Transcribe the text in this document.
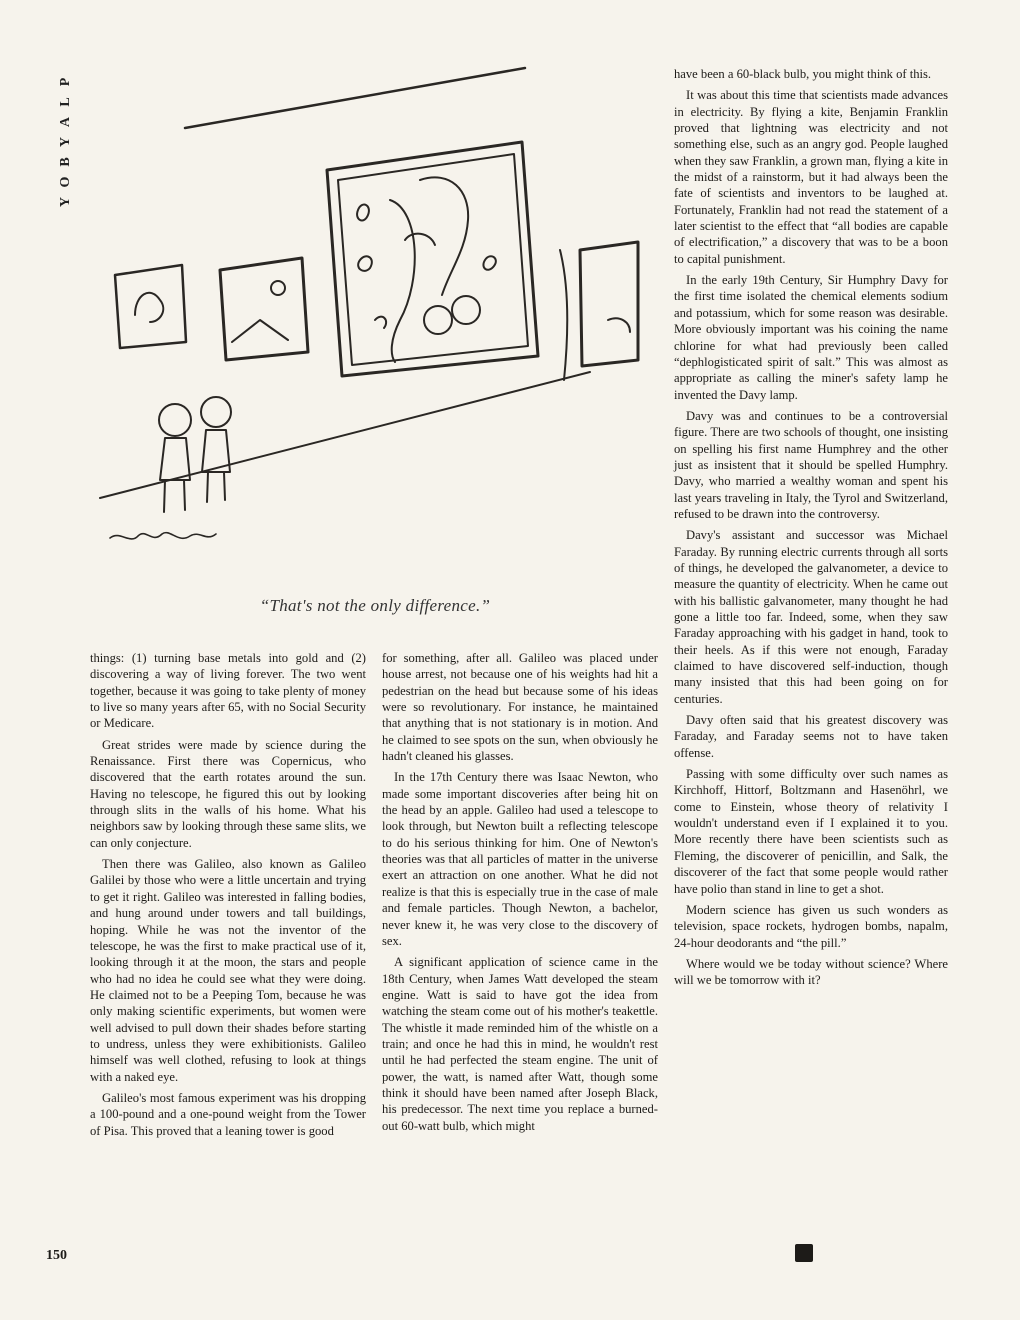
P
L
A
Y
B
O
Y
“That's not the only difference.”

things: (1) turning base metals into gold and (2) discovering a way of living forever. The two went together, because it was going to take plenty of money to live so many years after 65, with no Social Security or Medicare.

Great strides were made by science during the Renaissance. First there was Copernicus, who discovered that the earth rotates around the sun. Having no telescope, he figured this out by looking through slits in the walls of his home. What his neighbors saw by looking through these same slits, we can only conjecture.

Then there was Galileo, also known as Galileo Galilei by those who were a little uncertain and trying to get it right. Galileo was interested in falling bodies, and hung around under towers and tall buildings, hoping. While he was not the inventor of the telescope, he was the first to make practical use of it, looking through it at the moon, the stars and people who had no idea he could see what they were doing. He claimed not to be a Peeping Tom, because he was only making scientific experiments, but women were well advised to pull down their shades before starting to undress, unless they were exhibitionists. Galileo himself was well clothed, refusing to look at things with a naked eye.

Galileo's most famous experiment was his dropping a 100-pound and a one-pound weight from the Tower of Pisa. This proved that a leaning tower is good

for something, after all. Galileo was placed under house arrest, not because one of his weights had hit a pedestrian on the head but because some of his ideas were so revolutionary. For instance, he maintained that anything that is not stationary is in motion. And he claimed to see spots on the sun, when obviously he hadn't cleaned his glasses.

In the 17th Century there was Isaac Newton, who made some important discoveries after being hit on the head by an apple. Galileo had used a telescope to look through, but Newton built a reflecting telescope to do his serious thinking for him. One of Newton's theories was that all particles of matter in the universe exert an attraction on one another. What he did not realize is that this is especially true in the case of male and female particles. Though Newton, a bachelor, never knew it, he was very close to the discovery of sex.

A significant application of science came in the 18th Century, when James Watt developed the steam engine. Watt is said to have got the idea from watching the steam come out of his mother's teakettle. The whistle it made reminded him of the whistle on a train; and once he had this in mind, he wouldn't rest until he had perfected the steam engine. The unit of power, the watt, is named after Watt, though some think it should have been named after Joseph Black, his predecessor. The next time you replace a burned-out 60-watt bulb, which might

have been a 60-black bulb, you might think of this.

It was about this time that scientists made advances in electricity. By flying a kite, Benjamin Franklin proved that lightning was electricity and not something else, such as an angry god. People laughed when they saw Franklin, a grown man, flying a kite in the midst of a rainstorm, but it had always been the fate of scientists and inventors to be laughed at. Fortunately, Franklin had not read the statement of a later scientist to the effect that “all bodies are capable of electrification,” a discovery that was to be a boon to capital punishment.

In the early 19th Century, Sir Humphry Davy for the first time isolated the chemical elements sodium and potassium, which for some reason was desirable. More obviously important was his coining the name chlorine for what had previously been called “dephlogisticated spirit of salt.” This was almost as appropriate as calling the miner's safety lamp he invented the Davy lamp.

Davy was and continues to be a controversial figure. There are two schools of thought, one insisting on spelling his first name Humphrey and the other just as insistent that it should be spelled Humphry. Davy, who married a wealthy woman and spent his last years traveling in Italy, the Tyrol and Switzerland, refused to be drawn into the controversy.

Davy's assistant and successor was Michael Faraday. By running electric currents through all sorts of things, he developed the galvanometer, a device to measure the quantity of electricity. When he came out with his ballistic galvanometer, many thought he had gone a little too far. Indeed, some, when they saw Faraday approaching with his gadget in hand, took to their heels. As if this were not enough, Faraday claimed to have discovered self-induction, though many insisted that this had been going on for centuries.

Davy often said that his greatest discovery was Faraday, and Faraday seems not to have taken offense.

Passing with some difficulty over such names as Kirchhoff, Hittorf, Boltzmann and Hasenöhrl, we come to Einstein, whose theory of relativity I wouldn't understand even if I explained it to you. More recently there have been scientists such as Fleming, the discoverer of penicillin, and Salk, the discoverer of the fact that some people would rather have polio than stand in line to get a shot.

Modern science has given us such wonders as television, space rockets, hydrogen bombs, napalm, 24-hour deodorants and “the pill.”

Where would we be today without science? Where will we be tomorrow with it?

150
